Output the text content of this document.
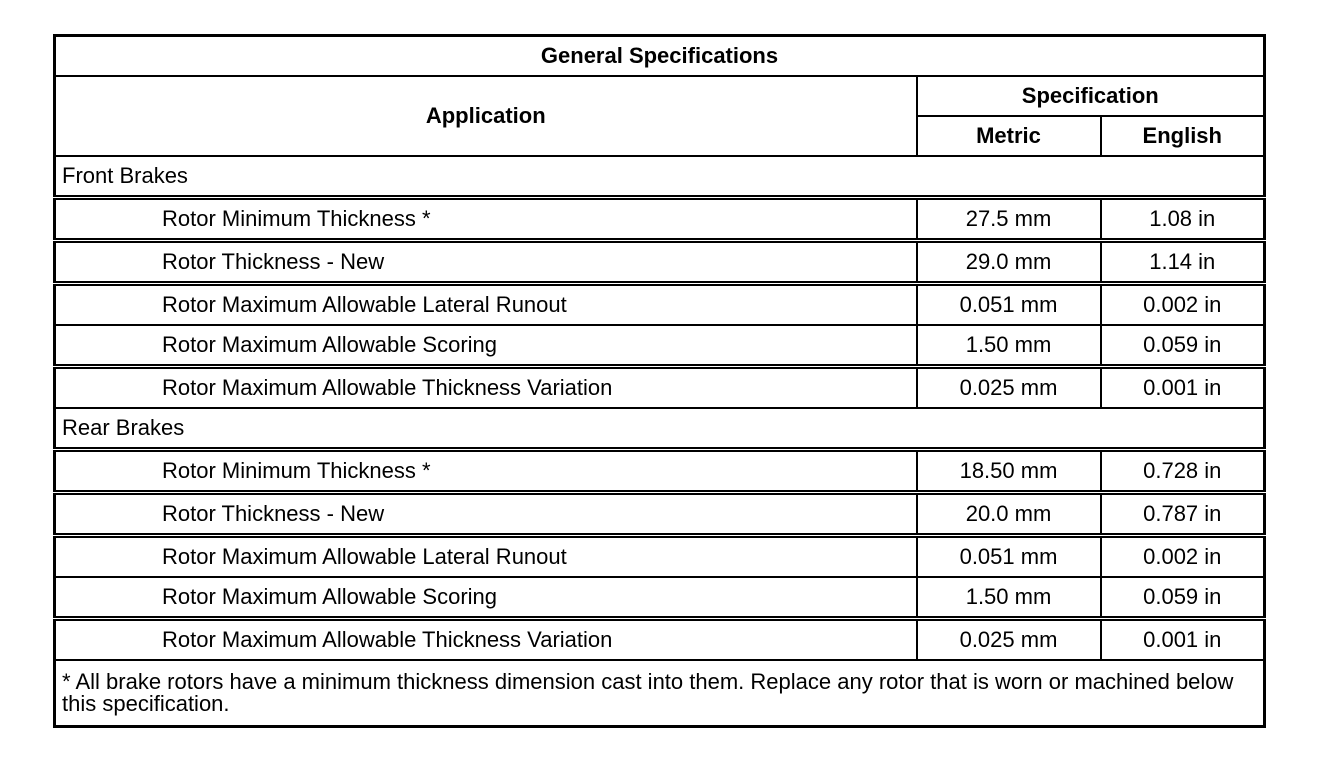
General Specifications		
Application	Specification	
	Metric	English
Front Brakes		
Rotor Minimum Thickness *	27.5 mm	1.08 in
Rotor Thickness - New	29.0 mm	1.14 in
Rotor Maximum Allowable Lateral Runout	0.051 mm	0.002 in
Rotor Maximum Allowable Scoring	1.50 mm	0.059 in
Rotor Maximum Allowable Thickness Variation	0.025 mm	0.001 in
Rear Brakes		
Rotor Minimum Thickness *	18.50 mm	0.728 in
Rotor Thickness - New	20.0 mm	0.787 in
Rotor Maximum Allowable Lateral Runout	0.051 mm	0.002 in
Rotor Maximum Allowable Scoring	1.50 mm	0.059 in
Rotor Maximum Allowable Thickness Variation	0.025 mm	0.001 in
* All brake rotors have a minimum thickness dimension cast into them. Replace any rotor that is worn or machined below this specification.		
